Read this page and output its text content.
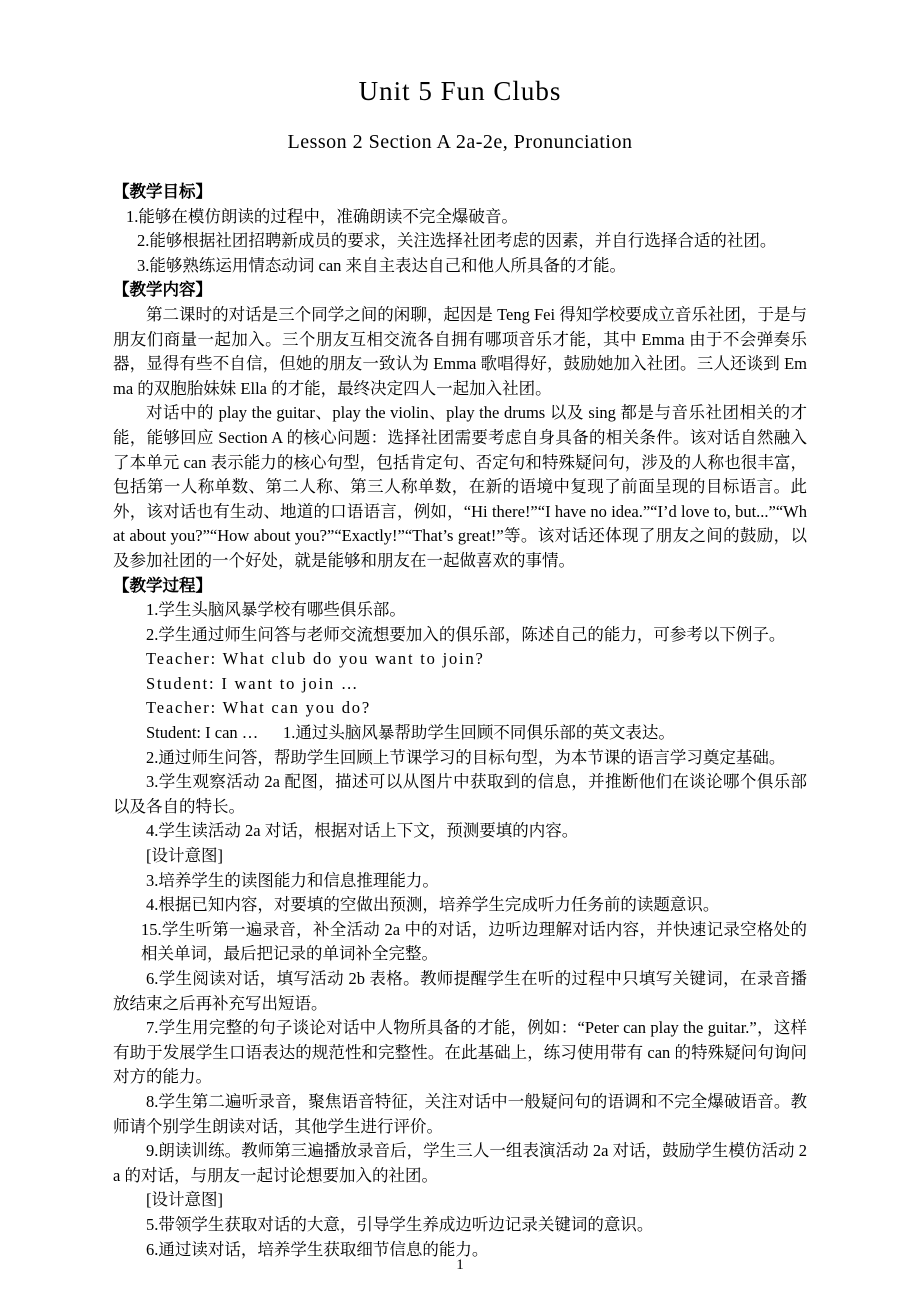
Unit 5 Fun Clubs
Lesson 2 Section A 2a-2e, Pronunciation

【教学目标】

1.能够在模仿朗读的过程中，准确朗读不完全爆破音。

2.能够根据社团招聘新成员的要求，关注选择社团考虑的因素，并自行选择合适的社团。

3.能够熟练运用情态动词 can 来自主表达自己和他人所具备的才能。

【教学内容】

第二课时的对话是三个同学之间的闲聊，起因是 Teng Fei 得知学校要成立音乐社团，于是与朋友们商量一起加入。三个朋友互相交流各自拥有哪项音乐才能，其中 Emma 由于不会弹奏乐器，显得有些不自信，但她的朋友一致认为 Emma 歌唱得好，鼓励她加入社团。三人还谈到 Emma 的双胞胎妹妹 Ella 的才能，最终决定四人一起加入社团。

对话中的 play the guitar、play the violin、play the drums 以及 sing 都是与音乐社团相关的才能，能够回应 Section A 的核心问题：选择社团需要考虑自身具备的相关条件。该对话自然融入了本单元 can 表示能力的核心句型，包括肯定句、否定句和特殊疑问句，涉及的人称也很丰富，包括第一人称单数、第二人称、第三人称单数，在新的语境中复现了前面呈现的目标语言。此外，该对话也有生动、地道的口语语言，例如，“Hi there!”“I have no idea.”“I’d love to, but...”“What about you?”“How about you?”“Exactly!”“That’s great!”等。该对话还体现了朋友之间的鼓励，以及参加社团的一个好处，就是能够和朋友在一起做喜欢的事情。

【教学过程】

1.学生头脑风暴学校有哪些俱乐部。

2.学生通过师生问答与老师交流想要加入的俱乐部，陈述自己的能力，可参考以下例子。

Teacher: What club do you want to join?

Student: I want to join …

Teacher: What can you do?

Student: I can …      1.通过头脑风暴帮助学生回顾不同俱乐部的英文表达。

2.通过师生问答，帮助学生回顾上节课学习的目标句型，为本节课的语言学习奠定基础。

3.学生观察活动 2a 配图，描述可以从图片中获取到的信息，并推断他们在谈论哪个俱乐部以及各自的特长。

4.学生读活动 2a 对话，根据对话上下文，预测要填的内容。

[设计意图]

3.培养学生的读图能力和信息推理能力。

4.根据已知内容，对要填的空做出预测，培养学生完成听力任务前的读题意识。

15.学生听第一遍录音，补全活动 2a 中的对话，边听边理解对话内容，并快速记录空格处的相关单词，最后把记录的单词补全完整。

6.学生阅读对话，填写活动 2b 表格。教师提醒学生在听的过程中只填写关键词，在录音播放结束之后再补充写出短语。

7.学生用完整的句子谈论对话中人物所具备的才能，例如：“Peter can play the guitar.”，这样有助于发展学生口语表达的规范性和完整性。在此基础上，练习使用带有 can 的特殊疑问句询问对方的能力。

8.学生第二遍听录音，聚焦语音特征，关注对话中一般疑问句的语调和不完全爆破语音。教师请个别学生朗读对话，其他学生进行评价。

9.朗读训练。教师第三遍播放录音后，学生三人一组表演活动 2a 对话，鼓励学生模仿活动 2a 的对话，与朋友一起讨论想要加入的社团。

[设计意图]

5.带领学生获取对话的大意，引导学生养成边听边记录关键词的意识。

6.通过读对话，培养学生获取细节信息的能力。

1
